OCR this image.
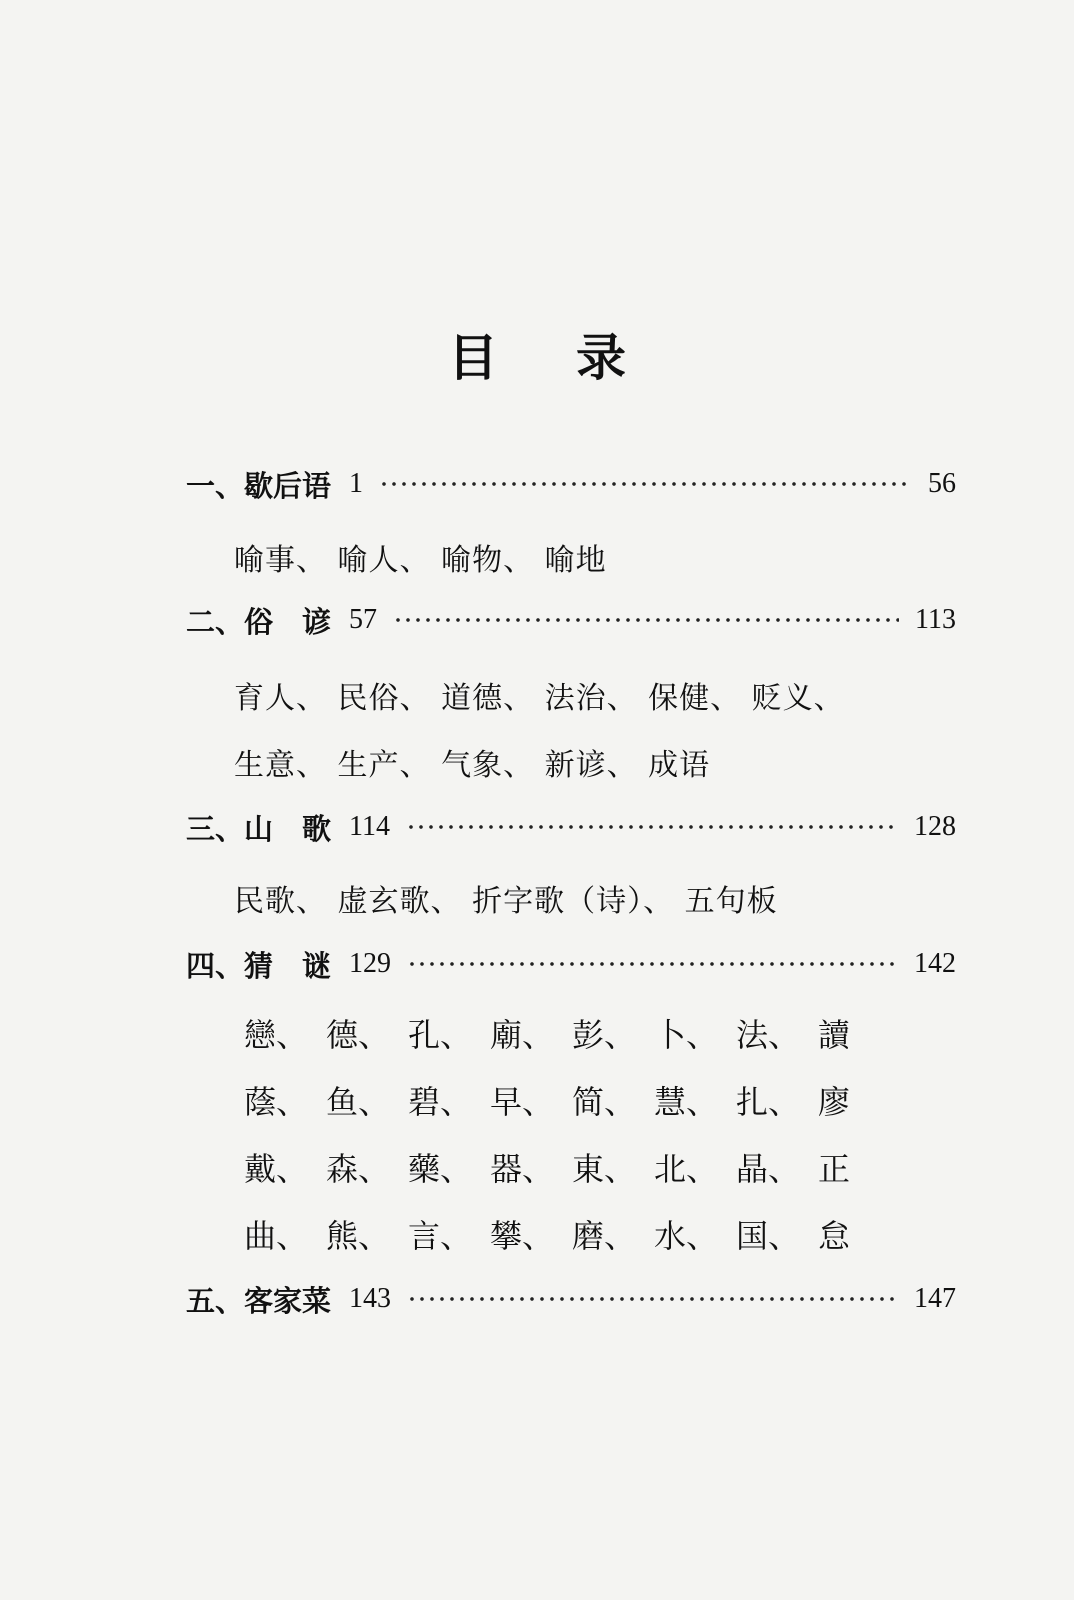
目 录
一、歇后语 1	56
喻事、 喻人、 喻物、 喻地
二、俗　谚 57	113
育人、 民俗、 道德、 法治、 保健、 贬义、
生意、 生产、 气象、 新谚、 成语
三、山　歌 114	128
民歌、 虚玄歌、 折字歌（诗）、 五句板
四、猜　谜 129	142
戀、 德、 孔、 廟、 彭、 卜、 法、 讀
蔭、 鱼、 碧、 早、 简、 慧、 扎、 廖
戴、 森、 藥、 器、 東、 北、 晶、 正
曲、 熊、 言、 攀、 磨、 水、 国、 怠
五、客家菜 143	147
